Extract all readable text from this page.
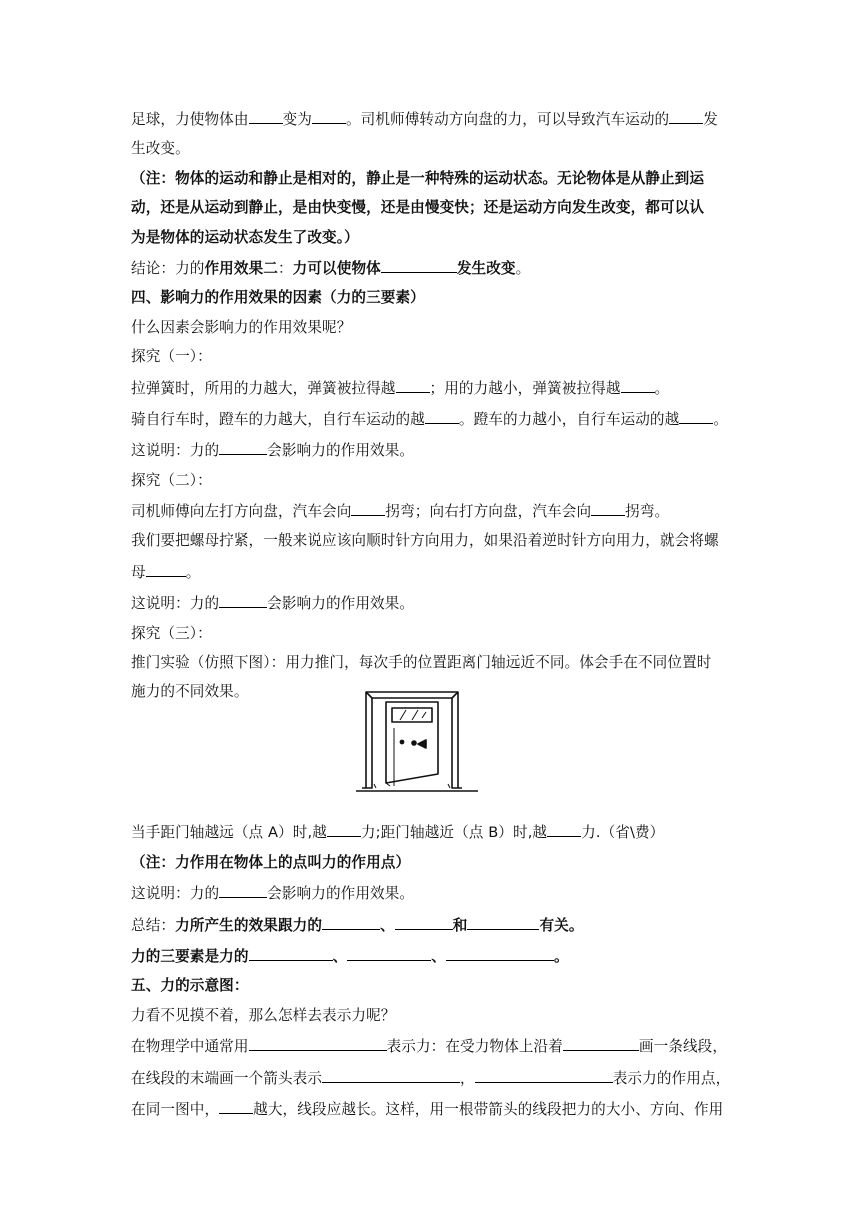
足球，力使物体由 变为 。司机师傅转动方向盘的力，可以导致汽车运动的 发
生改变。
（注：物体的运动和静止是相对的，静止是一种特殊的运动状态。无论物体是从静止到运
动，还是从运动到静止，是由快变慢，还是由慢变快；还是运动方向发生改变，都可以认
为是物体的运动状态发生了改变。）
结论：力的作用效果二：力可以使物体	发生改变。
四、影响力的作用效果的因素（力的三要素）
什么因素会影响力的作用效果呢？
探究（一）：
拉弹簧时，所用的力越大，弹簧被拉得越 ；用的力越小，弹簧被拉得越 。
骑自行车时，蹬车的力越大，自行车运动的越 。蹬车的力越小，自行车运动的越 。
这说明：力的	会影响力的作用效果。
探究（二）：
司机师傅向左打方向盘，汽车会向 拐弯；向右打方向盘，汽车会向 拐弯。
我们要把螺母拧紧，一般来说应该向顺时针方向用力，如果沿着逆时针方向用力，就会将螺
母	。
这说明：力的	会影响力的作用效果。
探究（三）：
推门实验（仿照下图）：用力推门，每次手的位置距离门轴远近不同。体会手在不同位置时
施力的不同效果。
当手距门轴越远（点 A）时,越 力;距门轴越近（点 B）时,越 力.（省\费）
（注：力作用在物体上的点叫力的作用点）
这说明：力的	会影响力的作用效果。
总结：力所产生的效果跟力的	、	和	有关。
力的三要素是力的	、	、	。
五、力的示意图：
力看不见摸不着，那么怎样去表示力呢？
在物理学中通常用	表示力：在受力物体上沿着	画一条线段，
在线段的末端画一个箭头表示	，	表示力的作用点，
在同一图中， 越大，线段应越长。这样，用一根带箭头的线段把力的大小、方向、作用
